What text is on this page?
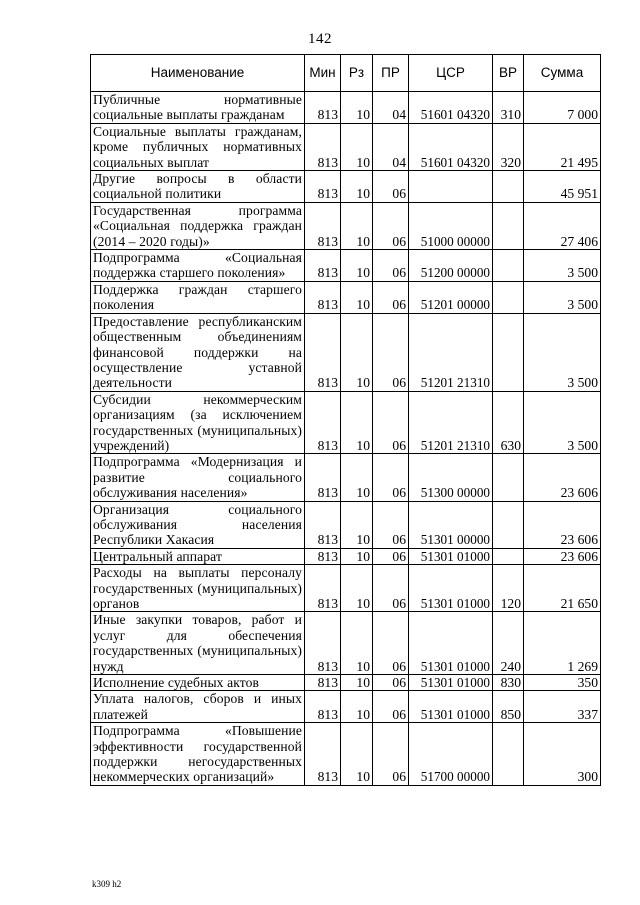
142
Наименование	Мин	Рз	ПР	ЦСР	ВР	Сумма
Публичные нормативные социальные выплаты гражданам	813	10	04	51601 04320	310	7 000
Социальные выплаты гражданам, кроме публичных нормативных социальных выплат	813	10	04	51601 04320	320	21 495
Другие вопросы в области социальной политики	813	10	06			45 951
Государственная программа «Социальная поддержка граждан (2014 – 2020 годы)»	813	10	06	51000 00000		27 406
Подпрограмма «Социальная поддержка старшего поколения»	813	10	06	51200 00000		3 500
Поддержка граждан старшего поколения	813	10	06	51201 00000		3 500
Предоставление республиканским общественным объединениям финансовой поддержки на осуществление уставной деятельности	813	10	06	51201 21310		3 500
Субсидии некоммерческим организациям (за исключением государственных (муниципальных) учреждений)	813	10	06	51201 21310	630	3 500
Подпрограмма «Модернизация и развитие социального обслуживания населения»	813	10	06	51300 00000		23 606
Организация социального обслуживания населения Республики Хакасия	813	10	06	51301 00000		23 606
Центральный аппарат	813	10	06	51301 01000		23 606
Расходы на выплаты персоналу государственных (муниципальных) органов	813	10	06	51301 01000	120	21 650
Иные закупки товаров, работ и услуг для обеспечения государственных (муниципальных) нужд	813	10	06	51301 01000	240	1 269
Исполнение судебных актов	813	10	06	51301 01000	830	350
Уплата налогов, сборов и иных платежей	813	10	06	51301 01000	850	337
Подпрограмма «Повышение эффективности государственной поддержки негосударственных некоммерческих организаций»	813	10	06	51700 00000		300
k309 h2
